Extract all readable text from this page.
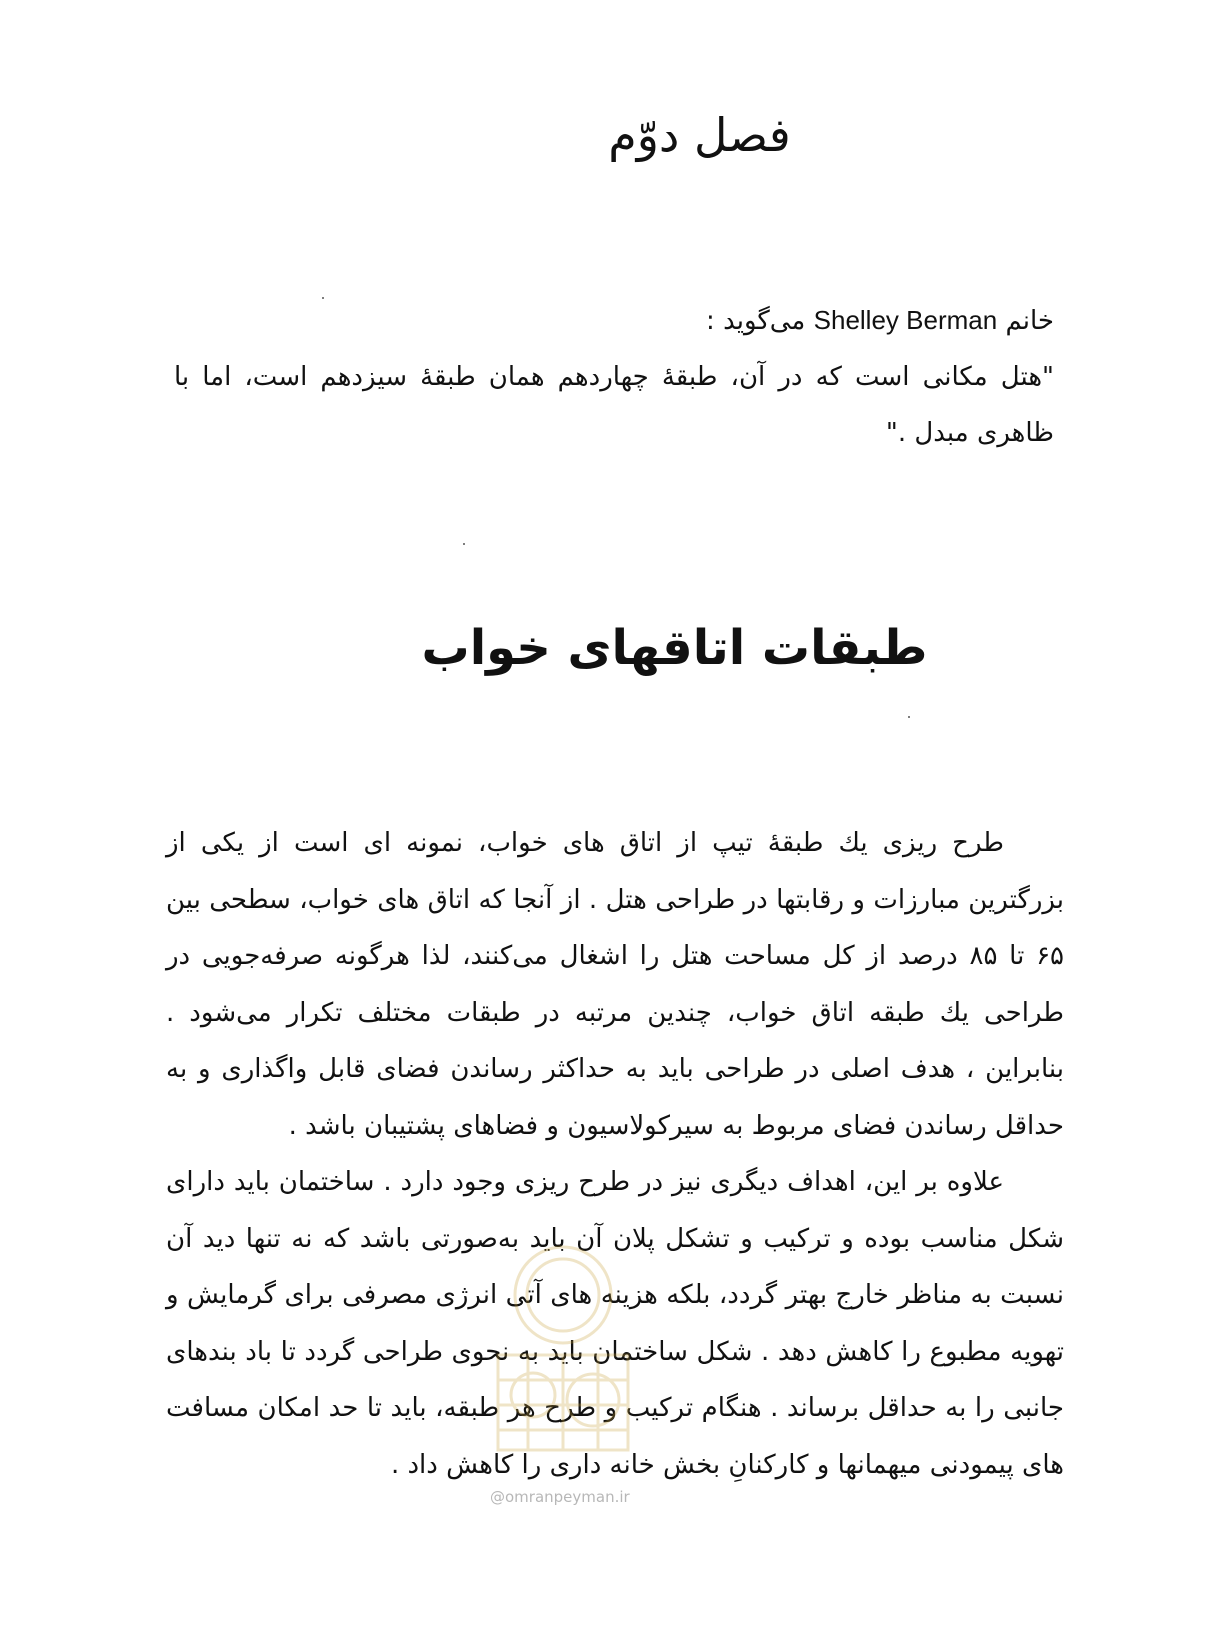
فصل دوّم
خانم Shelley Berman می‌گوید :

"هتل مکانی است که در آن، طبقهٔ چهاردهم همان طبقهٔ سیزدهم است، اما با ظاهری مبدل ."

طبقات اتاقهای خواب

طرح ریزی یك طبقهٔ تیپ از اتاق های خواب، نمونه ای است از یکی از بزرگترین مبارزات و رقابتها در طراحی هتل . از آنجا که اتاق های خواب، سطحی بین ۶۵ تا ۸۵ درصد از کل مساحت هتل را اشغال می‌کنند، لذا هرگونه صرفه‌جویی در طراحی یك طبقه اتاق خواب، چندین مرتبه در طبقات مختلف تکرار می‌شود . بنابراین ، هدف اصلی در طراحی باید به حداکثر رساندن فضای قابل واگذاری و به حداقل رساندن فضای مربوط به سیرکولاسیون و فضاهای پشتیبان باشد .

علاوه بر این، اهداف دیگری نیز در طرح ریزی وجود دارد . ساختمان باید دارای شکل مناسب بوده و ترکیب و تشکل پلان آن باید به‌صورتی باشد که نه تنها دید آن نسبت به مناظر خارج بهتر گردد، بلکه هزینه های آتی انرژی مصرفی برای گرمایش و تهویه مطبوع را کاهش دهد . شکل ساختمان باید به نحوی طراحی گردد تا باد بندهای جانبی را به حداقل برساند . هنگام ترکیب و طرح هر طبقه، باید تا حد امکان مسافت های پیمودنی میهمانها و کارکنانِ بخش خانه داری را کاهش داد .

@omranpeyman.ir
